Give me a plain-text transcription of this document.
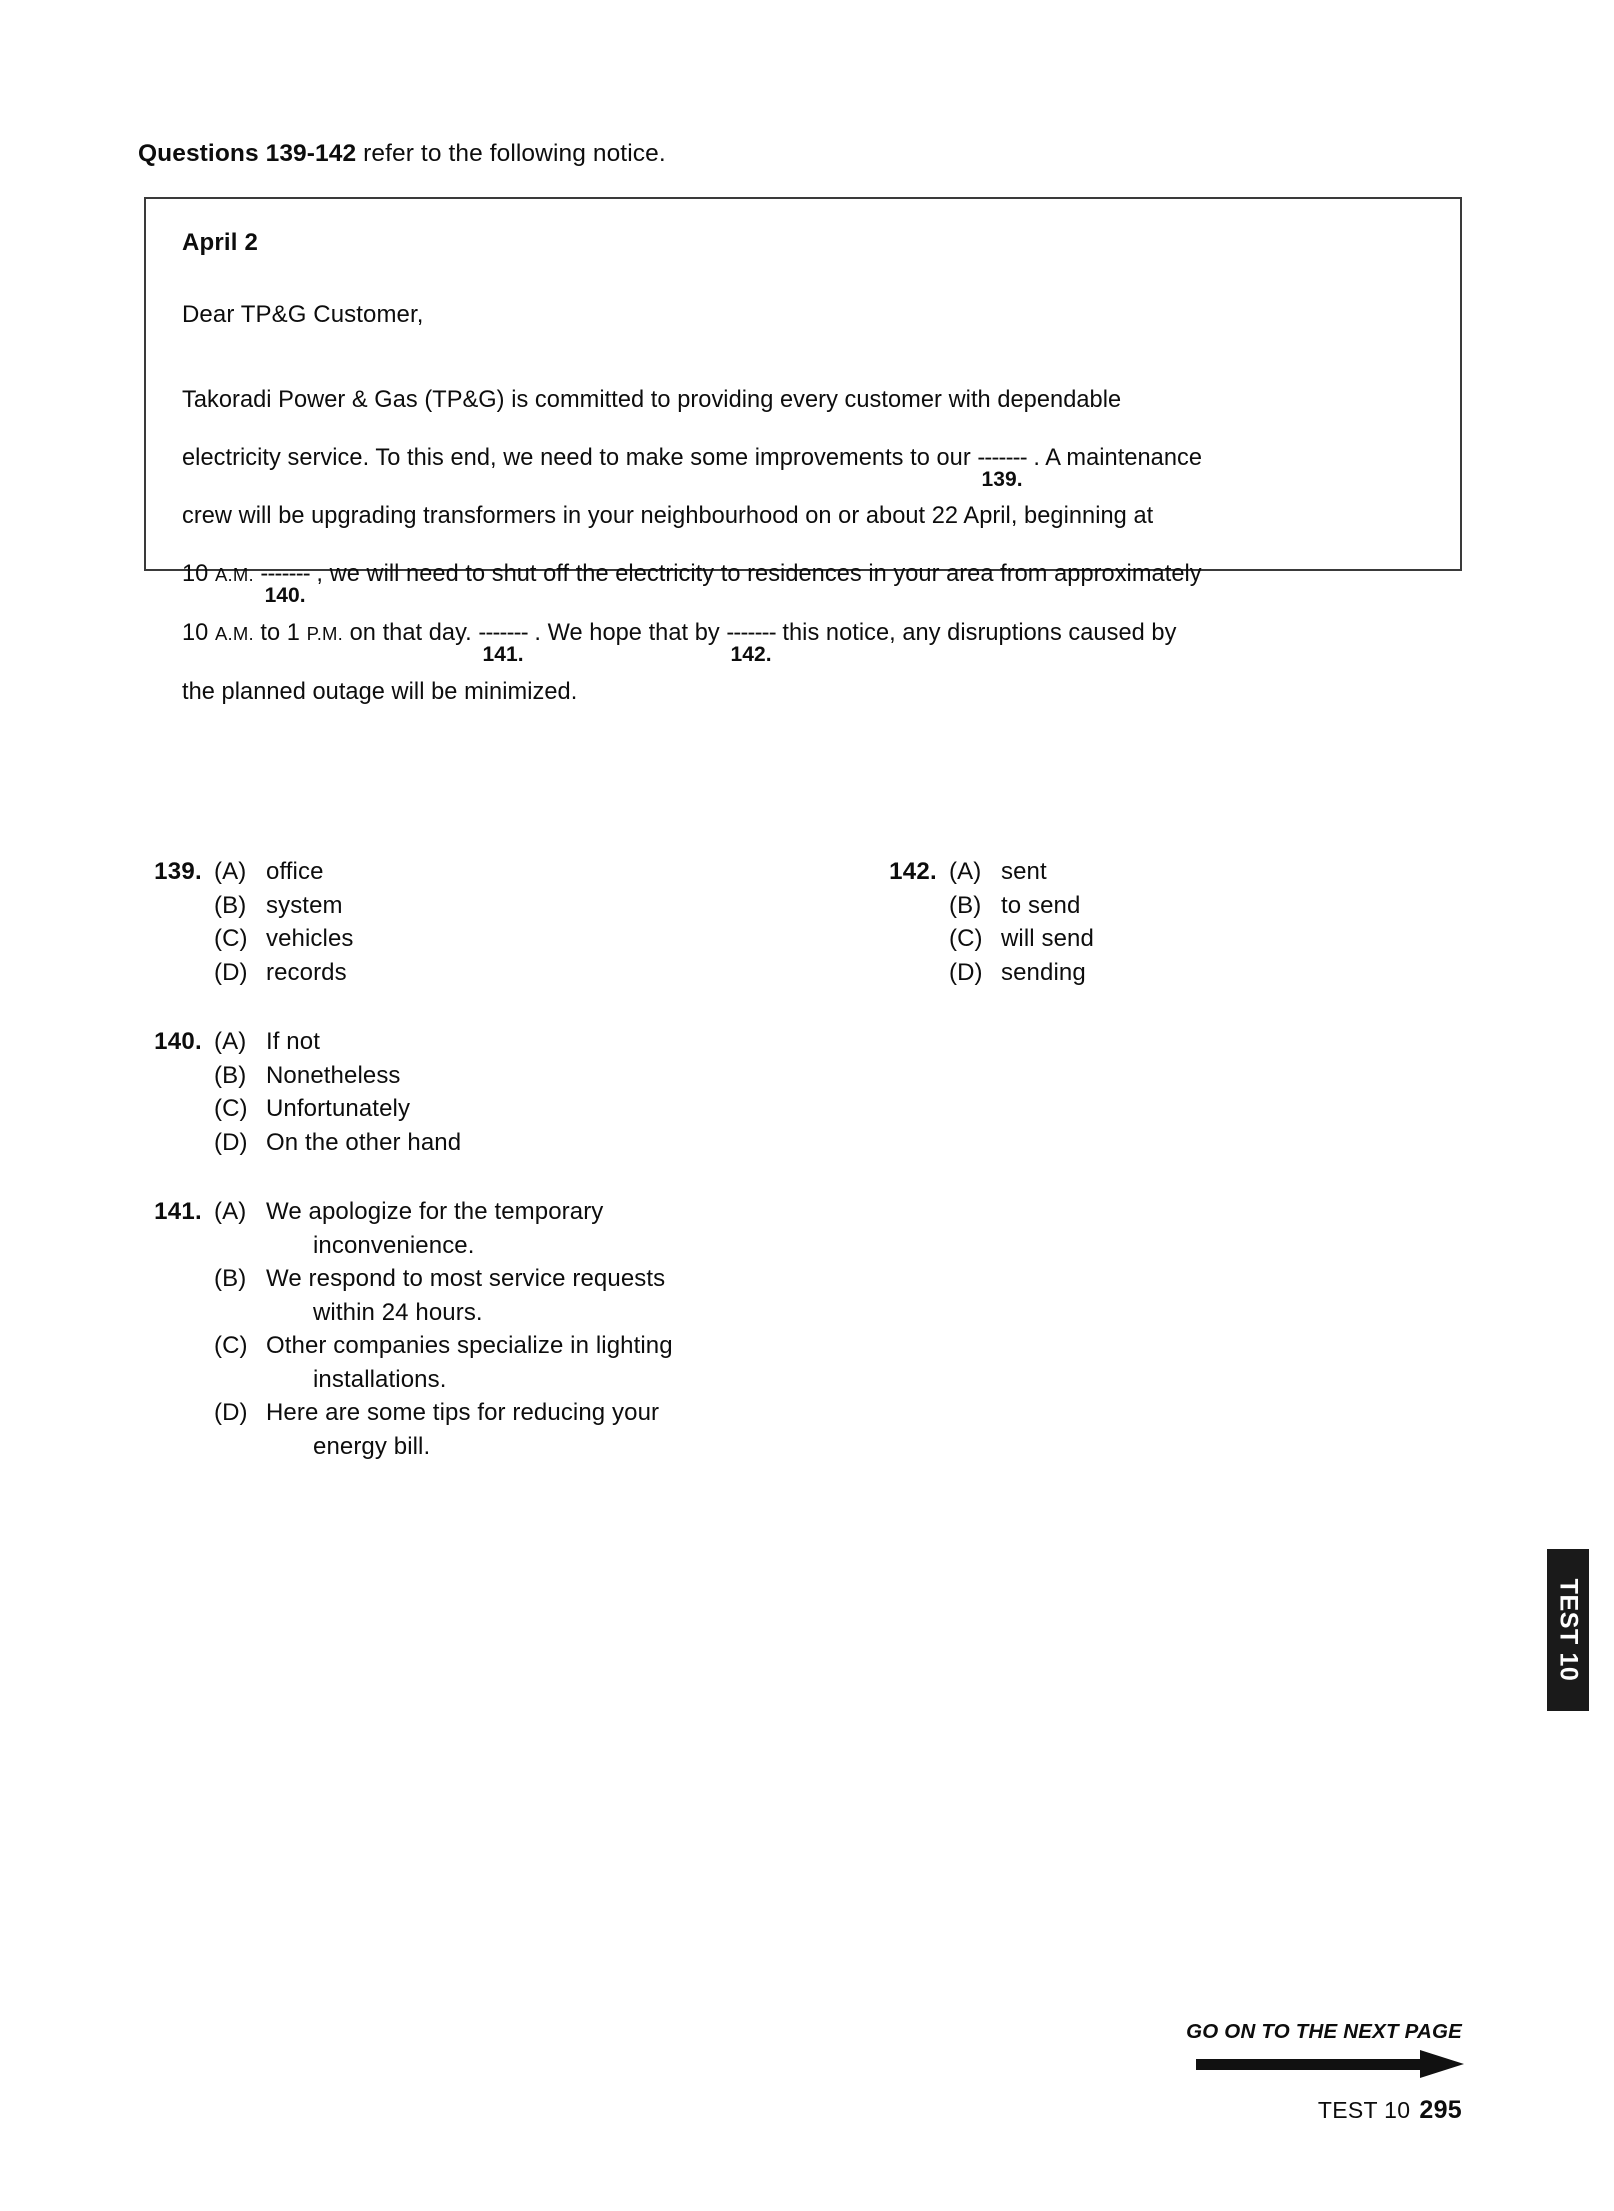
Questions 139-142 refer to the following notice.
April 2
Dear TP&G Customer,
Takoradi Power & Gas (TP&G) is committed to providing every customer with dependable
electricity service. To this end, we need to make some improvements to our -------
139.
. A maintenance
crew will be upgrading transformers in your neighbourhood on or about 22 April, beginning at
10 A.M. -------
140.
, we will need to shut off the electricity to residences in your area from approximately
10 A.M. to 1 P.M. on that day. -------
141.
. We hope that by -------
142.
this notice, any disruptions caused by
the planned outage will be minimized.
139. (A) office
(B) system
(C) vehicles
(D) records
140. (A) If not
(B) Nonetheless
(C) Unfortunately
(D) On the other hand
141. (A) We apologize for the temporary
inconvenience.
(B) We respond to most service requests
within 24 hours.
(C) Other companies specialize in lighting
installations.
(D) Here are some tips for reducing your
energy bill.
142. (A) sent
(B) to send
(C) will send
(D) sending
TEST 10
GO ON TO THE NEXT PAGE
TEST 10 295
